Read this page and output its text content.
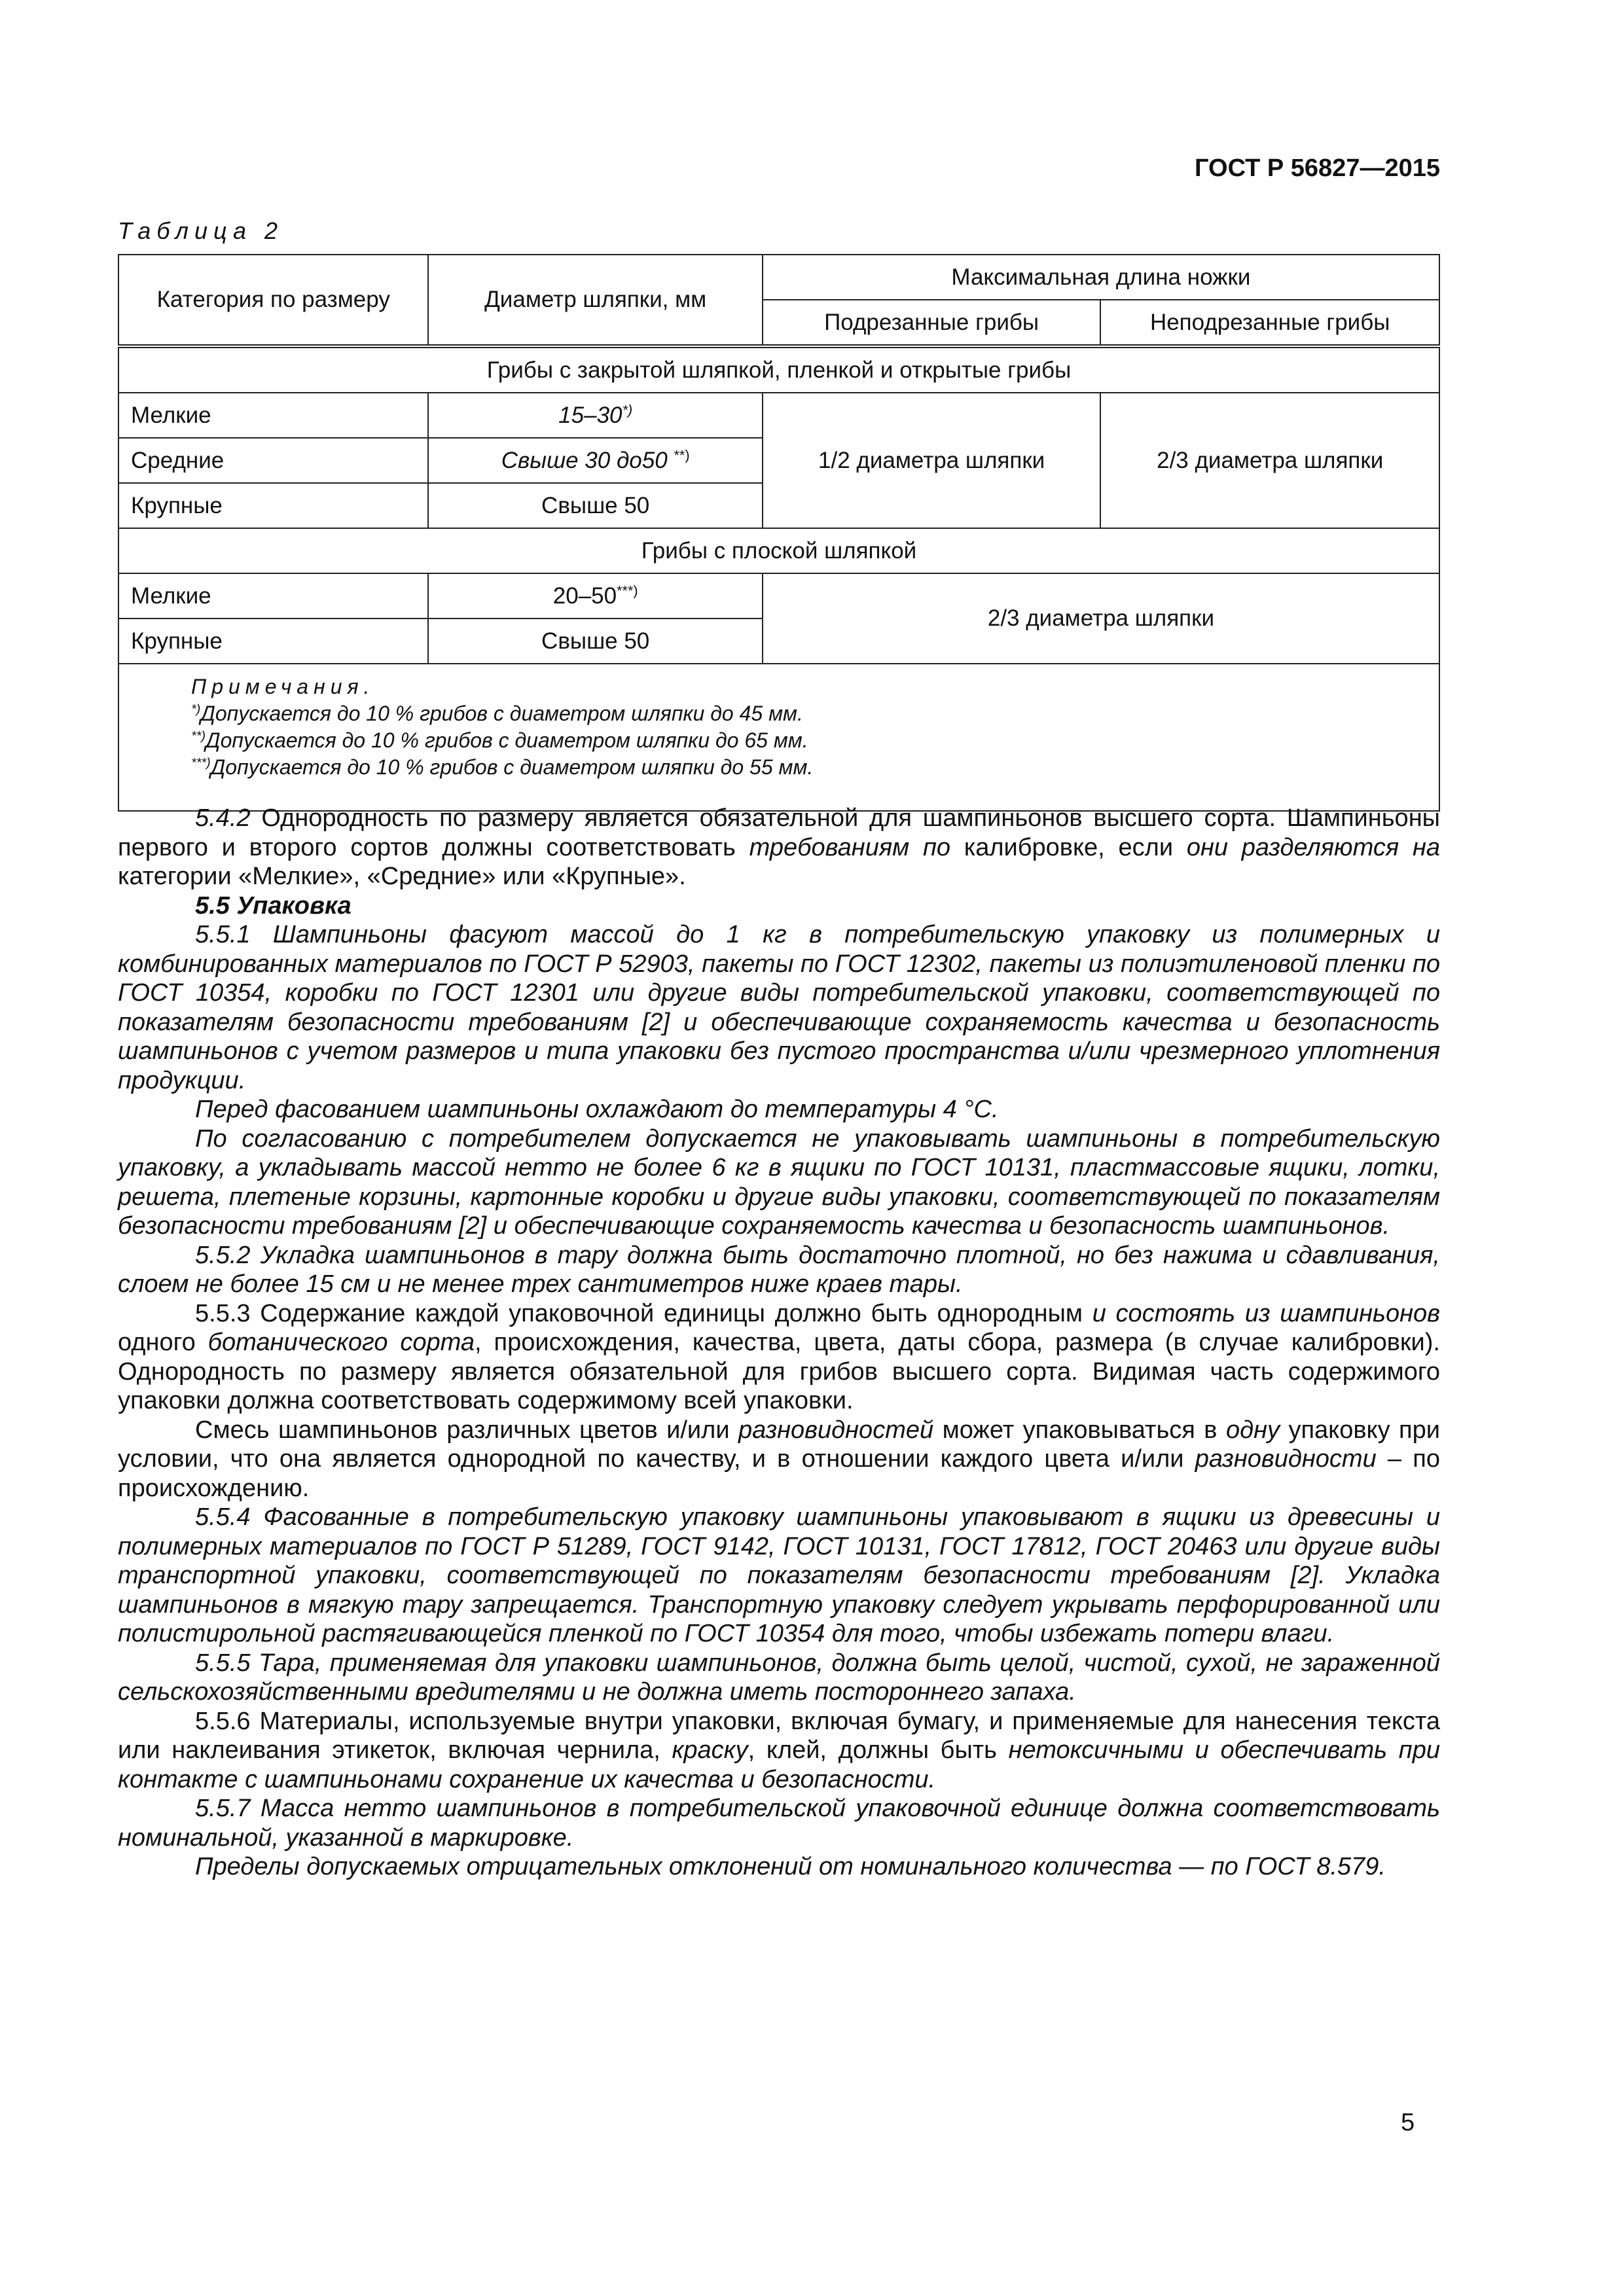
ГОСТ Р 56827—2015
Таблица 2
Категория по размеру	Диаметр шляпки, мм	Максимальная длина ножки	
		Подрезанные грибы	Неподрезанные грибы
Грибы с закрытой шляпкой, пленкой и открытые грибы			
Мелкие	15–30*)	1/2 диаметра шляпки	2/3 диаметра шляпки
Средние	Свыше 30 до50 **)
Крупные	Свыше 50		
Грибы с плоской шляпкой			
Мелкие	20–50***)	2/3 диаметра шляпки	
Крупные	Свыше 50		

Примечания.
*)Допускается до 10 % грибов с диаметром шляпки до 45 мм.
**)Допускается до 10 % грибов с диаметром шляпки до 65 мм.
***)Допускается до 10 % грибов с диаметром шляпки до 55 мм.			

5.4.2 Однородность по размеру является обязательной для шампиньонов высшего сорта. Шампиньоны первого и второго сортов должны соответствовать требованиям по калибровке, если они разделяются на категории «Мелкие», «Средние» или «Крупные».

5.5 Упаковка

5.5.1 Шампиньоны фасуют массой до 1 кг в потребительскую упаковку из полимерных и комбинированных материалов по ГОСТ Р 52903, пакеты по ГОСТ 12302, пакеты из полиэтиленовой пленки по ГОСТ 10354, коробки по ГОСТ 12301 или другие виды потребительской упаковки, соответствующей по показателям безопасности требованиям [2] и обеспечивающие сохраняемость качества и безопасность шампиньонов с учетом размеров и типа упаковки без пустого пространства и/или чрезмерного уплотнения продукции.

Перед фасованием шампиньоны охлаждают до температуры 4 °С.

По согласованию с потребителем допускается не упаковывать шампиньоны в потребительскую упаковку, а укладывать массой нетто не более 6 кг в ящики по ГОСТ 10131, пластмассовые ящики, лотки, решета, плетеные корзины, картонные коробки и другие виды упаковки, соответствующей по показателям безопасности требованиям [2] и обеспечивающие сохраняемость качества и безопасность шампиньонов.

5.5.2 Укладка шампиньонов в тару должна быть достаточно плотной, но без нажима и сдавливания, слоем не более 15 см и не менее трех сантиметров ниже краев тары.

5.5.3 Содержание каждой упаковочной единицы должно быть однородным и состоять из шампиньонов одного ботанического сорта, происхождения, качества, цвета, даты сбора, размера (в случае калибровки). Однородность по размеру является обязательной для грибов высшего сорта. Видимая часть содержимого упаковки должна соответствовать содержимому всей упаковки.

Смесь шампиньонов различных цветов и/или разновидностей может упаковываться в одну упаковку при условии, что она является однородной по качеству, и в отношении каждого цвета и/или разновидности – по происхождению.

5.5.4 Фасованные в потребительскую упаковку шампиньоны упаковывают в ящики из древесины и полимерных материалов по ГОСТ Р 51289, ГОСТ 9142, ГОСТ 10131, ГОСТ 17812, ГОСТ 20463 или другие виды транспортной упаковки, соответствующей по показателям безопасности требованиям [2]. Укладка шампиньонов в мягкую тару запрещается. Транспортную упаковку следует укрывать перфорированной или полистирольной растягивающейся пленкой по ГОСТ 10354 для того, чтобы избежать потери влаги.

5.5.5 Тара, применяемая для упаковки шампиньонов, должна быть целой, чистой, сухой, не зараженной сельскохозяйственными вредителями и не должна иметь постороннего запаха.

5.5.6 Материалы, используемые внутри упаковки, включая бумагу, и применяемые для нанесения текста или наклеивания этикеток, включая чернила, краску, клей, должны быть нетоксичными и обеспечивать при контакте с шампиньонами сохранение их качества и безопасности.

5.5.7 Масса нетто шампиньонов в потребительской упаковочной единице должна соответствовать номинальной, указанной в маркировке.

Пределы допускаемых отрицательных отклонений от номинального количества — по ГОСТ 8.579.

5
